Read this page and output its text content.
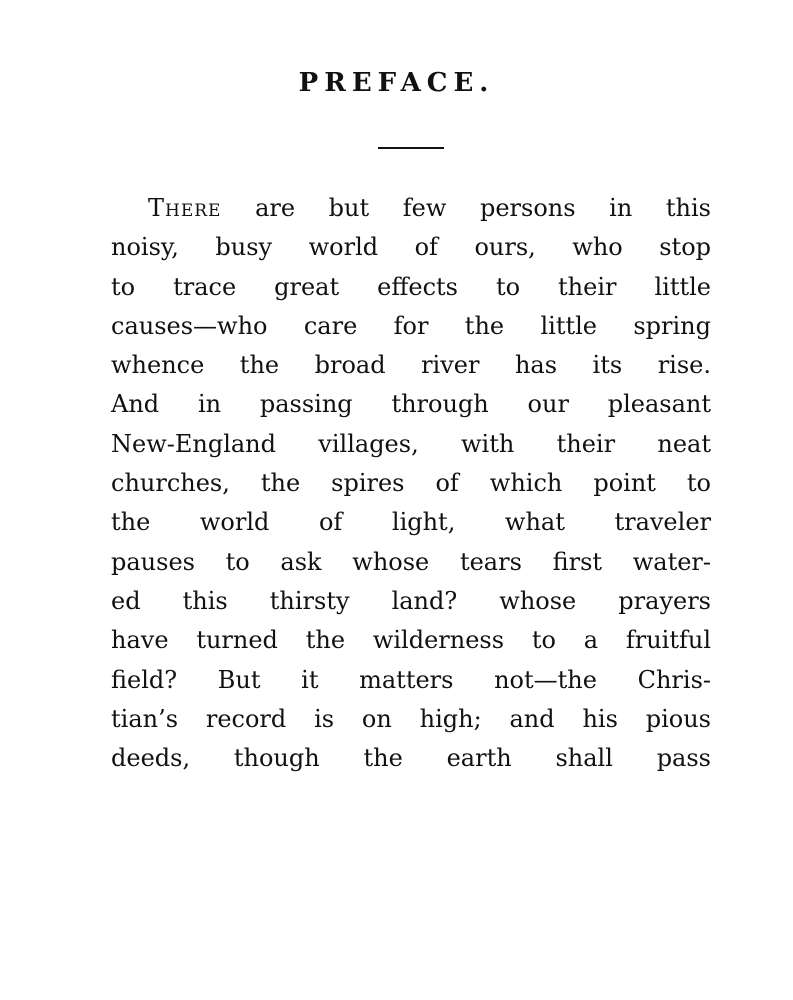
PREFACE.
There are but few persons in this
noisy, busy world of ours, who stop
to trace great effects to their little
causes—who care for the little spring
whence the broad river has its rise.
And in passing through our pleasant
New-England villages, with their neat
churches, the spires of which point to
the world of light, what traveler
pauses to ask whose tears first water-
ed this thirsty land? whose prayers
have turned the wilderness to a fruitful
field? But it matters not—the Chris-
tian’s record is on high; and his pious
deeds, though the earth shall pass
